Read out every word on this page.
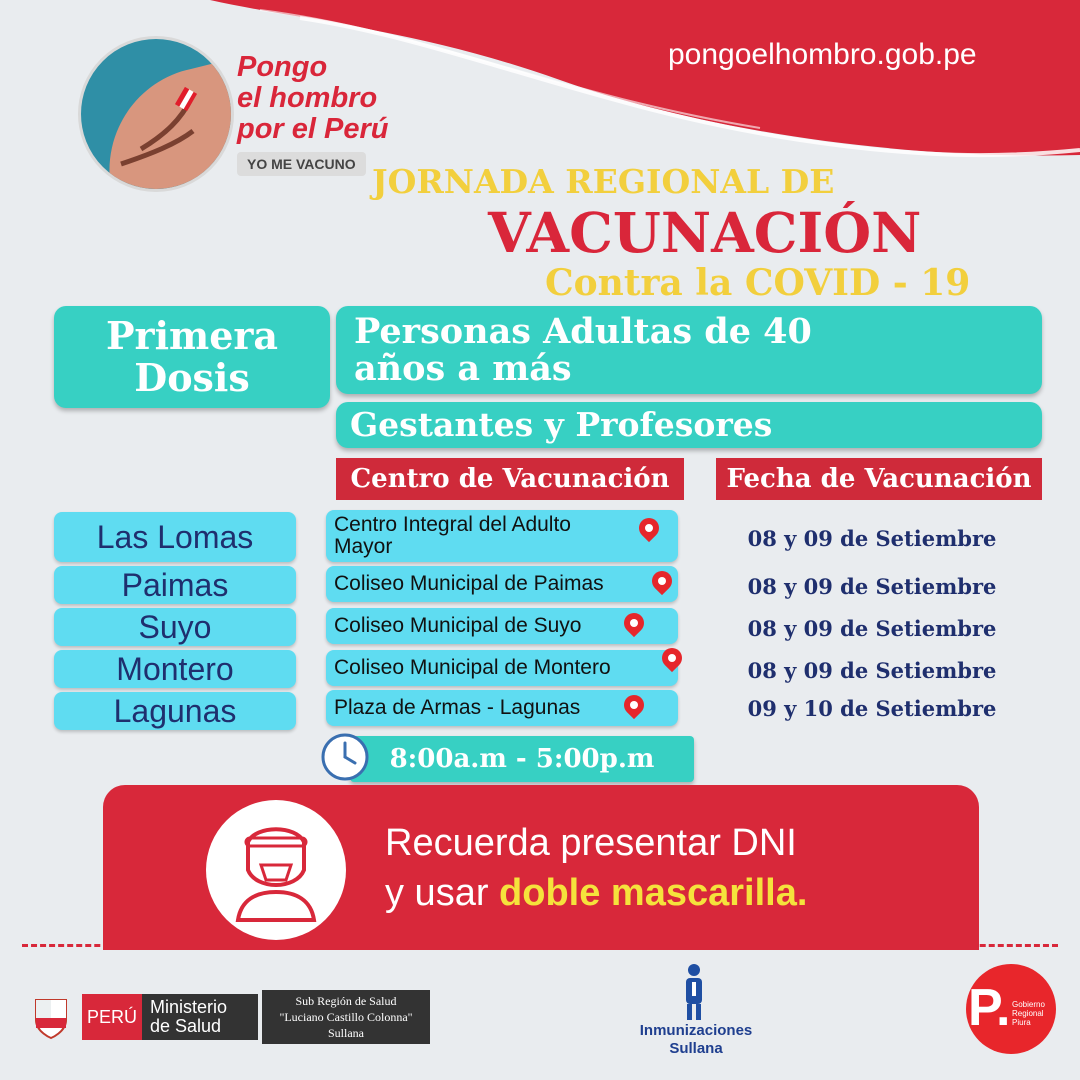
pongoelhombro.gob.pe
Pongo
el hombro
por el Perú
YO ME VACUNO JORNADA REGIONAL DE
VACUNACIÓN
Contra la COVID - 19
Primera
Dosis
Personas Adultas de 40
años a más
Gestantes y Profesores
Centro de Vacunación	Fecha de Vacunación
Las Lomas	Centro Integral del Adulto Mayor	08 y 09 de Setiembre
Paimas	Coliseo Municipal de Paimas	08 y 09 de Setiembre
Suyo	Coliseo Municipal de Suyo	08 y 09 de Setiembre
Montero	Coliseo Municipal de Montero	08 y 09 de Setiembre
Lagunas	Plaza de Armas - Lagunas	09 y 10 de Setiembre
8:00a.m - 5:00p.m
Recuerda presentar DNI
y usar doble mascarilla.
PERÚ Ministerio
de Salud
Sub Región de Salud
"Luciano Castillo Colonna"
Sullana	Inmunizaciones
Sullana
P. Gobierno
Regional
Piura
